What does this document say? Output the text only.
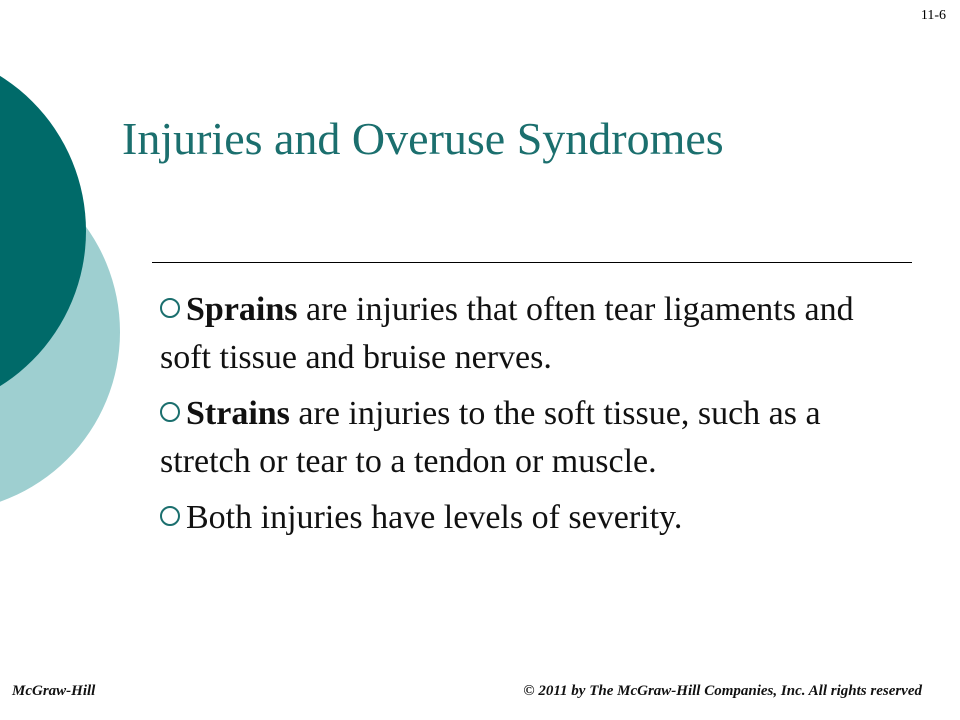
11-6
Injuries and Overuse Syndromes
Sprains are injuries that often tear ligaments and soft tissue and bruise nerves.
Strains are injuries to the soft tissue, such as a stretch or tear to a tendon or muscle.
Both injuries have levels of severity.
McGraw-Hill	© 2011 by The McGraw-Hill Companies, Inc. All rights reserved
